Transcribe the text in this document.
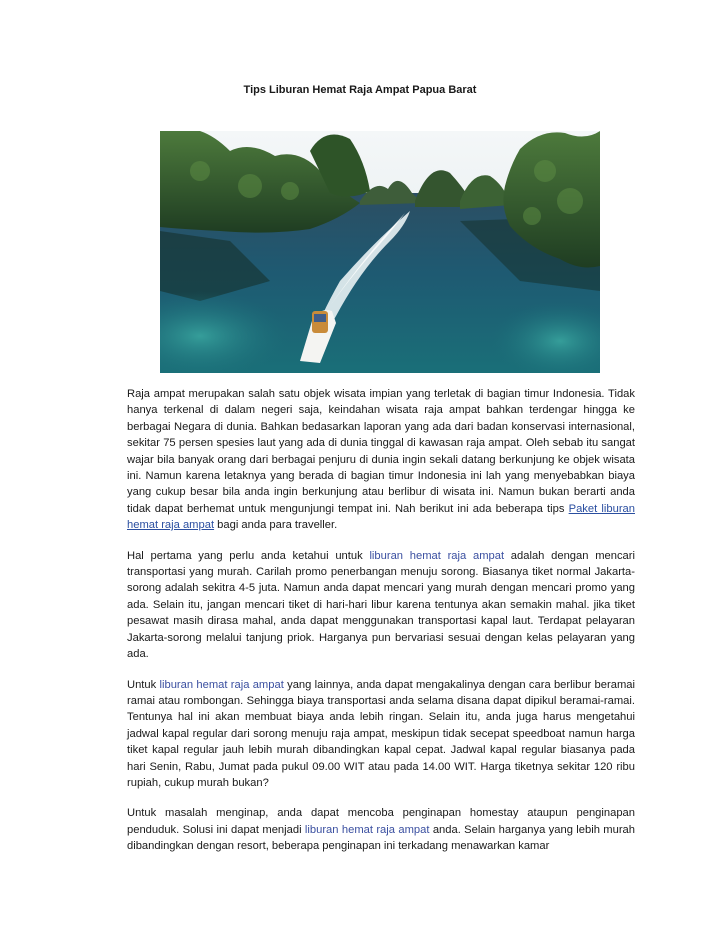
Tips Liburan Hemat Raja Ampat Papua Barat

Raja ampat merupakan salah satu objek wisata impian yang terletak di bagian timur Indonesia. Tidak hanya terkenal di dalam negeri saja, keindahan wisata raja ampat bahkan terdengar hingga ke berbagai Negara di dunia. Bahkan bedasarkan laporan yang ada dari badan konservasi internasional, sekitar 75 persen spesies laut yang ada di dunia tinggal di kawasan raja ampat. Oleh sebab itu sangat wajar bila banyak orang dari berbagai penjuru di dunia ingin sekali datang berkunjung ke objek wisata ini. Namun karena letaknya yang berada di bagian timur Indonesia ini lah yang menyebabkan biaya yang cukup besar bila anda ingin berkunjung atau berlibur di wisata ini. Namun bukan berarti anda tidak dapat berhemat untuk mengunjungi tempat ini. Nah berikut ini ada beberapa tips Paket liburan hemat raja ampat bagi anda para traveller.

Hal pertama yang perlu anda ketahui untuk liburan hemat raja ampat adalah dengan mencari transportasi yang murah. Carilah promo penerbangan menuju sorong. Biasanya tiket normal Jakarta-sorong adalah sekitra 4-5 juta. Namun anda dapat mencari yang murah dengan mencari promo yang ada. Selain itu, jangan mencari tiket di hari-hari libur karena tentunya akan semakin mahal. jika tiket pesawat masih dirasa mahal, anda dapat menggunakan transportasi kapal laut. Terdapat pelayaran Jakarta-sorong melalui tanjung priok. Harganya pun bervariasi sesuai dengan kelas pelayaran yang ada.

Untuk liburan hemat raja ampat yang lainnya, anda dapat mengakalinya dengan cara berlibur beramai ramai atau rombongan. Sehingga biaya transportasi anda selama disana dapat dipikul beramai-ramai. Tentunya hal ini akan membuat biaya anda lebih ringan. Selain itu, anda juga harus mengetahui jadwal kapal regular dari sorong menuju raja ampat, meskipun tidak secepat speedboat namun harga tiket kapal regular jauh lebih murah dibandingkan kapal cepat. Jadwal kapal regular biasanya pada hari Senin, Rabu, Jumat pada pukul 09.00 WIT atau pada 14.00 WIT. Harga tiketnya sekitar 120 ribu rupiah, cukup murah bukan?

Untuk masalah menginap, anda dapat mencoba penginapan homestay ataupun penginapan penduduk. Solusi ini dapat menjadi liburan hemat raja ampat anda. Selain harganya yang lebih murah dibandingkan dengan resort, beberapa penginapan ini terkadang menawarkan kamar
